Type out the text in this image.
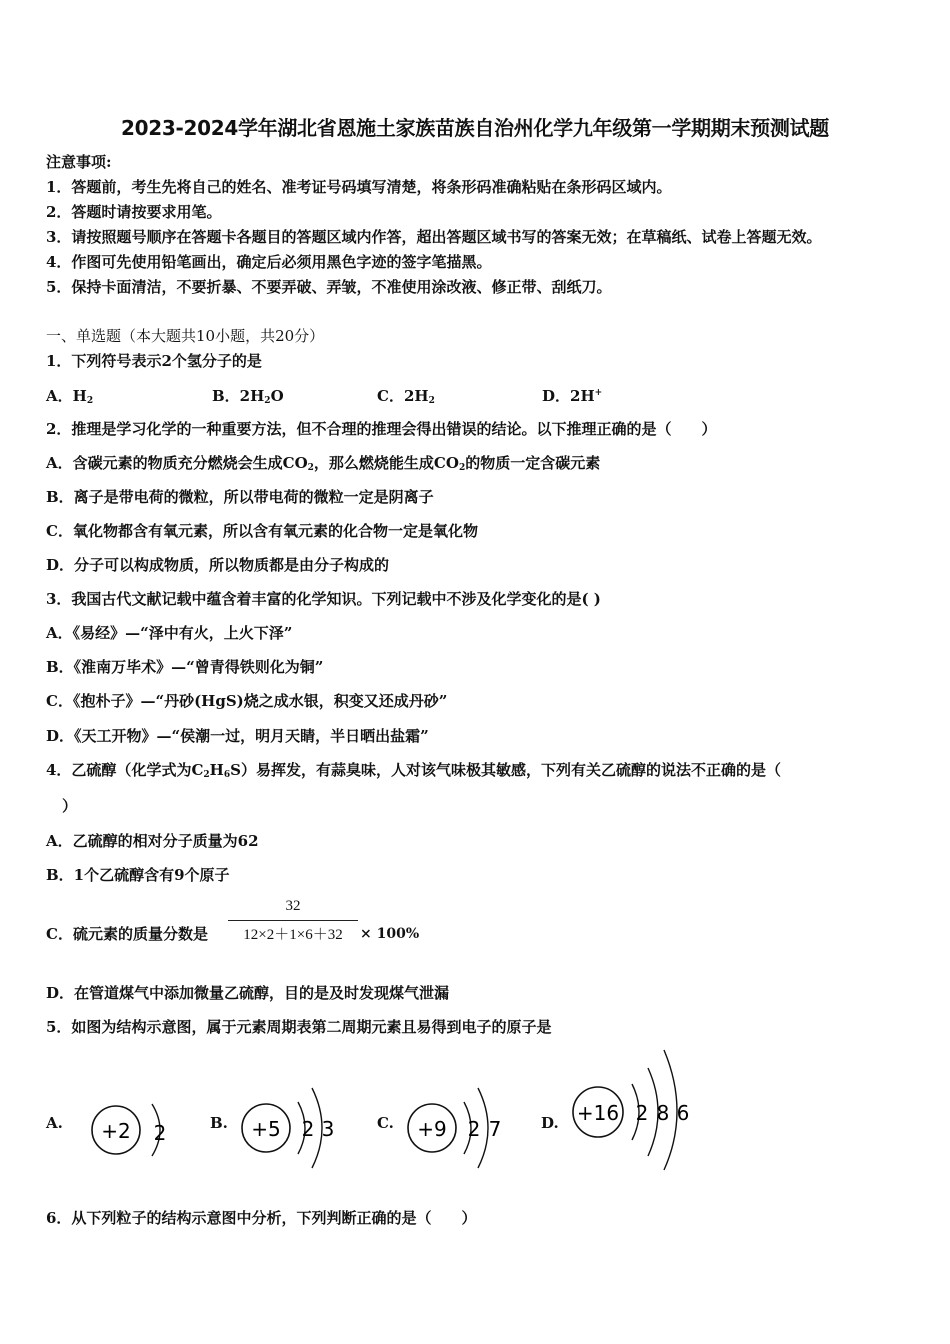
2023-2024学年湖北省恩施土家族苗族自治州化学九年级第一学期期末预测试题
注意事项:
1．答题前，考生先将自己的姓名、准考证号码填写清楚，将条形码准确粘贴在条形码区域内。
2．答题时请按要求用笔。
3．请按照题号顺序在答题卡各题目的答题区域内作答，超出答题区域书写的答案无效；在草稿纸、试卷上答题无效。
4．作图可先使用铅笔画出，确定后必须用黑色字迹的签字笔描黑。
5．保持卡面清洁，不要折暴、不要弄破、弄皱，不准使用涂改液、修正带、刮纸刀。
一、单选题（本大题共10小题，共20分）
1．下列符号表示2个氢分子的是
A．$H_2$	B．$2H_2O$	C．$2H_2$	D．2H+
2．推理是学习化学的一种重要方法，但不合理的推理会得出错误的结论。以下推理正确的是（　　）
A．含碳元素的物质充分燃烧会生成$CO_2$，那么燃烧能生成$CO_2$的物质一定含碳元素
B．离子是带电荷的微粒，所以带电荷的微粒一定是阴离子
C．氧化物都含有氧元素，所以含有氧元素的化合物一定是氧化物
D．分子可以构成物质，所以物质都是由分子构成的
3．我国古代文献记载中蕴含着丰富的化学知识。下列记载中不涉及化学变化的是( )
A．《易经》—“泽中有火，上火下泽”
B．《淮南万毕术》—“曾青得铁则化为铜”
C．《抱朴子》—“丹砂(HgS)烧之成水银，积变又还成丹砂”
D．《天工开物》—“侯潮一过，明月天睛，半日晒出盐霜”
4．乙硫醇（化学式为$C_2H_6S$）易挥发，有蒜臭味，人对该气味极其敏感，下列有关乙硫醇的说法不正确的是（
）
A．乙硫醇的相对分子质量为62
B．1个乙硫醇含有9个原子
C．硫元素的质量分数是
32
12×2＋1×6＋32	× 100%
D．在管道煤气中添加微量乙硫醇，目的是及时发现煤气泄漏
5．如图为结构示意图，属于元素周期表第二周期元素且易得到电子的原子是
A. +2 2	B. +5 2 3	C. +9 2 7	D. +16 2 8 6
6．从下列粒子的结构示意图中分析，下列判断正确的是（　　）
